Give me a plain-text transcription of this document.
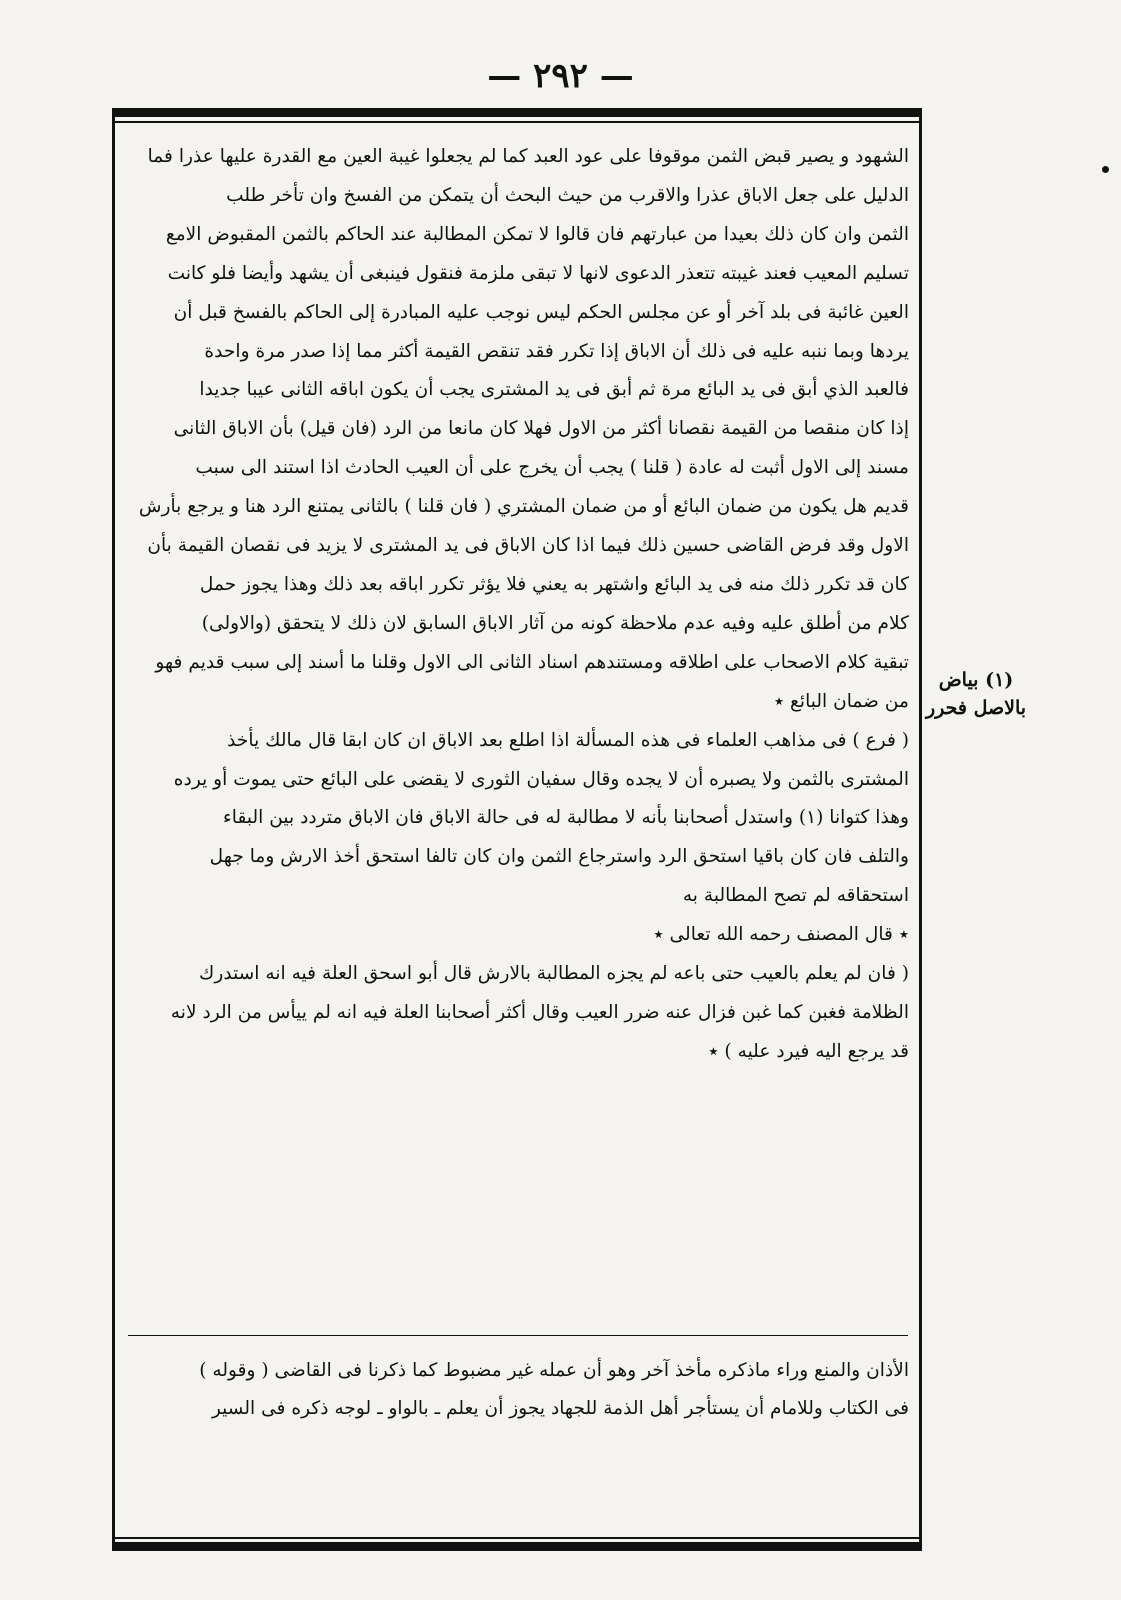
— ٢٩٢ —

الشهود و يصير قبض الثمن موقوفا على عود العبد كما لم يجعلوا غيبة العين مع القدرة عليها عذرا فما

الدليل على جعل الاباق عذرا والاقرب من حيث البحث أن يتمكن من الفسخ وان تأخر طلب

الثمن وان كان ذلك بعيدا من عبارتهم فان قالوا لا تمكن المطالبة عند الحاكم بالثمن المقبوض الامع

تسليم المعيب فعند غيبته تتعذر الدعوى لانها لا تبقى ملزمة فنقول فينبغى أن يشهد وأيضا فلو كانت

العين غائبة فى بلد آخر أو عن مجلس الحكم ليس نوجب عليه المبادرة إلى الحاكم بالفسخ قبل أن

يردها وبما ننبه عليه فى ذلك أن الاباق إذا تكرر فقد تنقص القيمة أكثر مما إذا صدر مرة واحدة

فالعبد الذي أبق فى يد البائع مرة ثم أبق فى يد المشترى يجب أن يكون اباقه الثانى عيبا جديدا

إذا كان منقصا من القيمة نقصانا أكثر من الاول فهلا كان مانعا من الرد (فان قيل) بأن الاباق الثانى

مسند إلى الاول أثبت له عادة ( قلنا ) يجب أن يخرج على أن العيب الحادث اذا استند الى سبب

قديم هل يكون من ضمان البائع أو من ضمان المشتري ( فان قلنا ) بالثانى يمتنع الرد هنا و يرجع بأرش

الاول وقد فرض القاضى حسين ذلك فيما اذا كان الاباق فى يد المشترى لا يزيد فى نقصان القيمة بأن

كان قد تكرر ذلك منه فى يد البائع واشتهر به يعني فلا يؤثر تكرر اباقه بعد ذلك وهذا يجوز حمل

كلام من أطلق عليه وفيه عدم ملاحظة كونه من آثار الاباق السابق لان ذلك لا يتحقق (والاولى)

تبقية كلام الاصحاب على اطلاقه ومستندهم اسناد الثانى الى الاول وقلنا ما أسند إلى سبب قديم فهو

من ضمان البائع ٭

( فرع ) فى مذاهب العلماء فى هذه المسألة اذا اطلع بعد الاباق ان كان ابقا قال مالك يأخذ

المشترى بالثمن ولا يصبره أن لا يجده وقال سفيان الثورى لا يقضى على البائع حتى يموت أو يرده

وهذا كتوانا (١) واستدل أصحابنا بأنه لا مطالبة له فى حالة الاباق فان الاباق متردد بين البقاء

والتلف فان كان باقيا استحق الرد واسترجاع الثمن وان كان تالفا استحق أخذ الارش وما جهل

استحقاقه لم تصح المطالبة به

٭ قال المصنف رحمه الله تعالى ٭

( فان لم يعلم بالعيب حتى باعه لم يجزه المطالبة بالارش قال أبو اسحق العلة فيه انه استدرك

الظلامة فغبن كما غبن فزال عنه ضرر العيب وقال أكثر أصحابنا العلة فيه انه لم ييأس من الرد لانه

قد يرجع اليه فيرد عليه ) ٭

الأذان والمنع وراء ماذكره مأخذ آخر وهو أن عمله غير مضبوط كما ذكرنا فى القاضى ( وقوله )

فى الكتاب وللامام أن يستأجر أهل الذمة للجهاد يجوز أن يعلم ـ بالواو ـ لوجه ذكره فى السير

(١) بياض
بالاصل فحرر
